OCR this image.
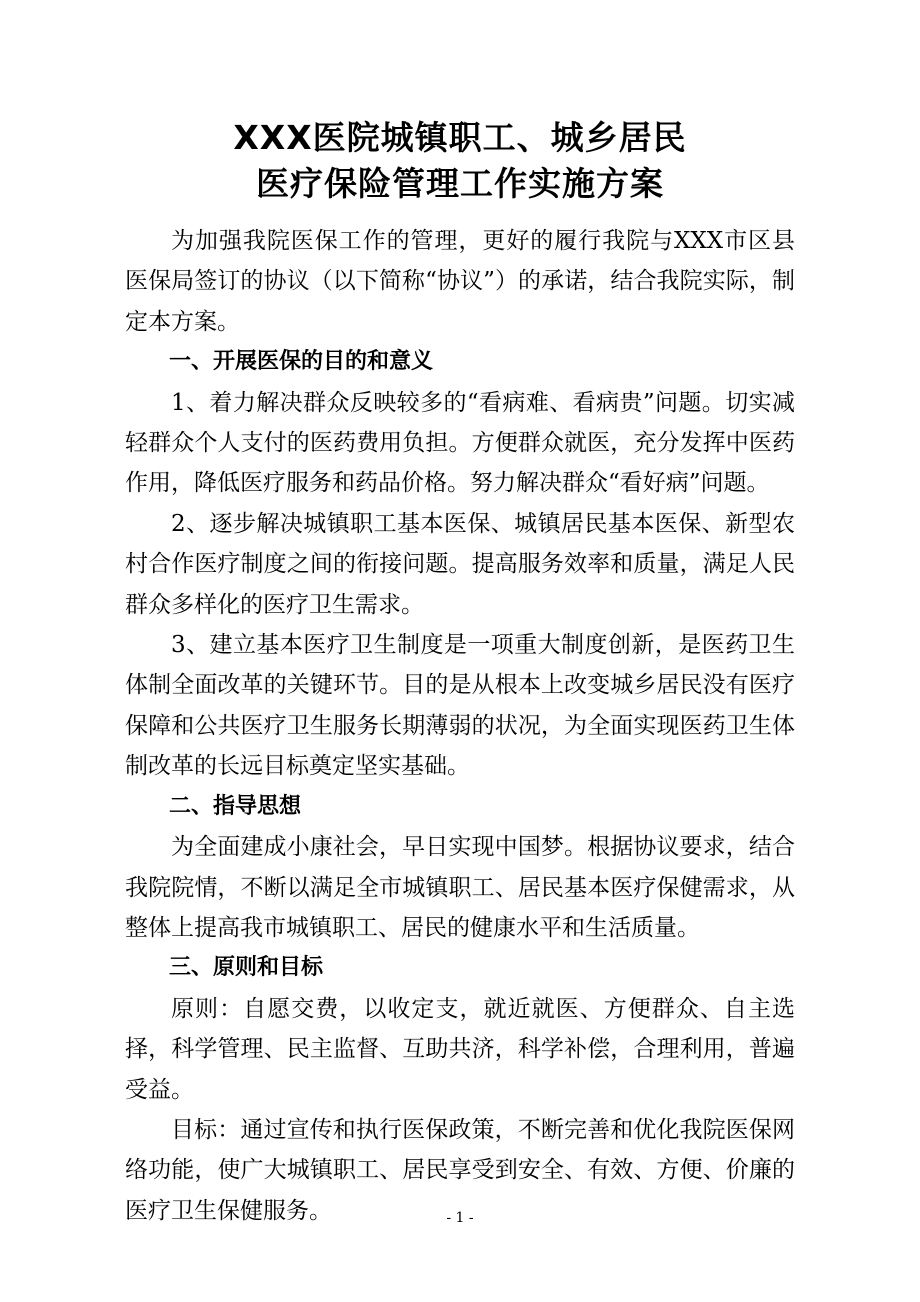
XXX医院城镇职工、城乡居民
医疗保险管理工作实施方案

为加强我院医保工作的管理，更好的履行我院与XXX市区县医保局签订的协议（以下简称“协议”）的承诺，结合我院实际，制定本方案。

一、开展医保的目的和意义

1、着力解决群众反映较多的“看病难、看病贵”问题。切实减轻群众个人支付的医药费用负担。方便群众就医，充分发挥中医药作用，降低医疗服务和药品价格。努力解决群众“看好病”问题。

2、逐步解决城镇职工基本医保、城镇居民基本医保、新型农村合作医疗制度之间的衔接问题。提高服务效率和质量，满足人民群众多样化的医疗卫生需求。

3、建立基本医疗卫生制度是一项重大制度创新，是医药卫生体制全面改革的关键环节。目的是从根本上改变城乡居民没有医疗保障和公共医疗卫生服务长期薄弱的状况，为全面实现医药卫生体制改革的长远目标奠定坚实基础。

二、指导思想

为全面建成小康社会，早日实现中国梦。根据协议要求，结合我院院情，不断以满足全市城镇职工、居民基本医疗保健需求，从整体上提高我市城镇职工、居民的健康水平和生活质量。

三、原则和目标

原则：自愿交费，以收定支，就近就医、方便群众、自主选择，科学管理、民主监督、互助共济，科学补偿，合理利用，普遍受益。

目标：通过宣传和执行医保政策，不断完善和优化我院医保网络功能，使广大城镇职工、居民享受到安全、有效、方便、价廉的医疗卫生保健服务。	- 1 -
